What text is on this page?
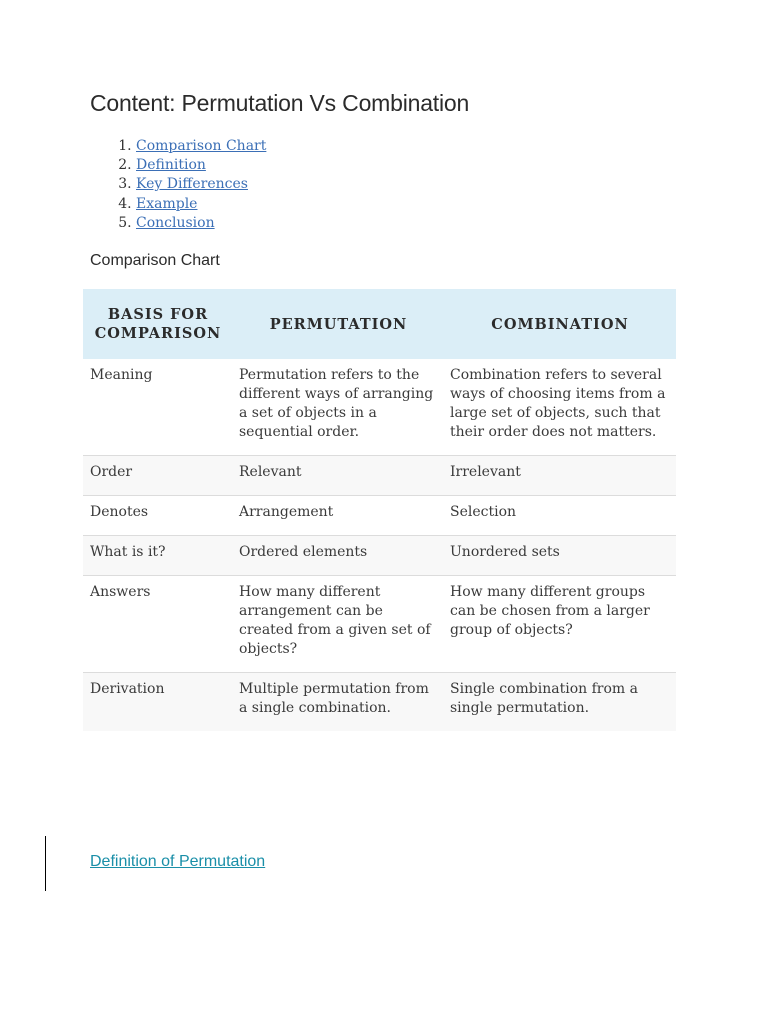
Content: Permutation Vs Combination
1. Comparison Chart
2. Definition
3. Key Differences
4. Example
5. Conclusion
Comparison Chart
BASIS FOR COMPARISON	PERMUTATION	COMBINATION
Meaning	Permutation refers to the different ways of arranging a set of objects in a sequential order.	Combination refers to several ways of choosing items from a large set of objects, such that their order does not matters.
Order	Relevant	Irrelevant
Denotes	Arrangement	Selection
What is it?	Ordered elements	Unordered sets
Answers	How many different arrangement can be created from a given set of objects?	How many different groups can be chosen from a larger group of objects?
Derivation	Multiple permutation from a single combination.	Single combination from a single permutation.
Definition of Permutation
